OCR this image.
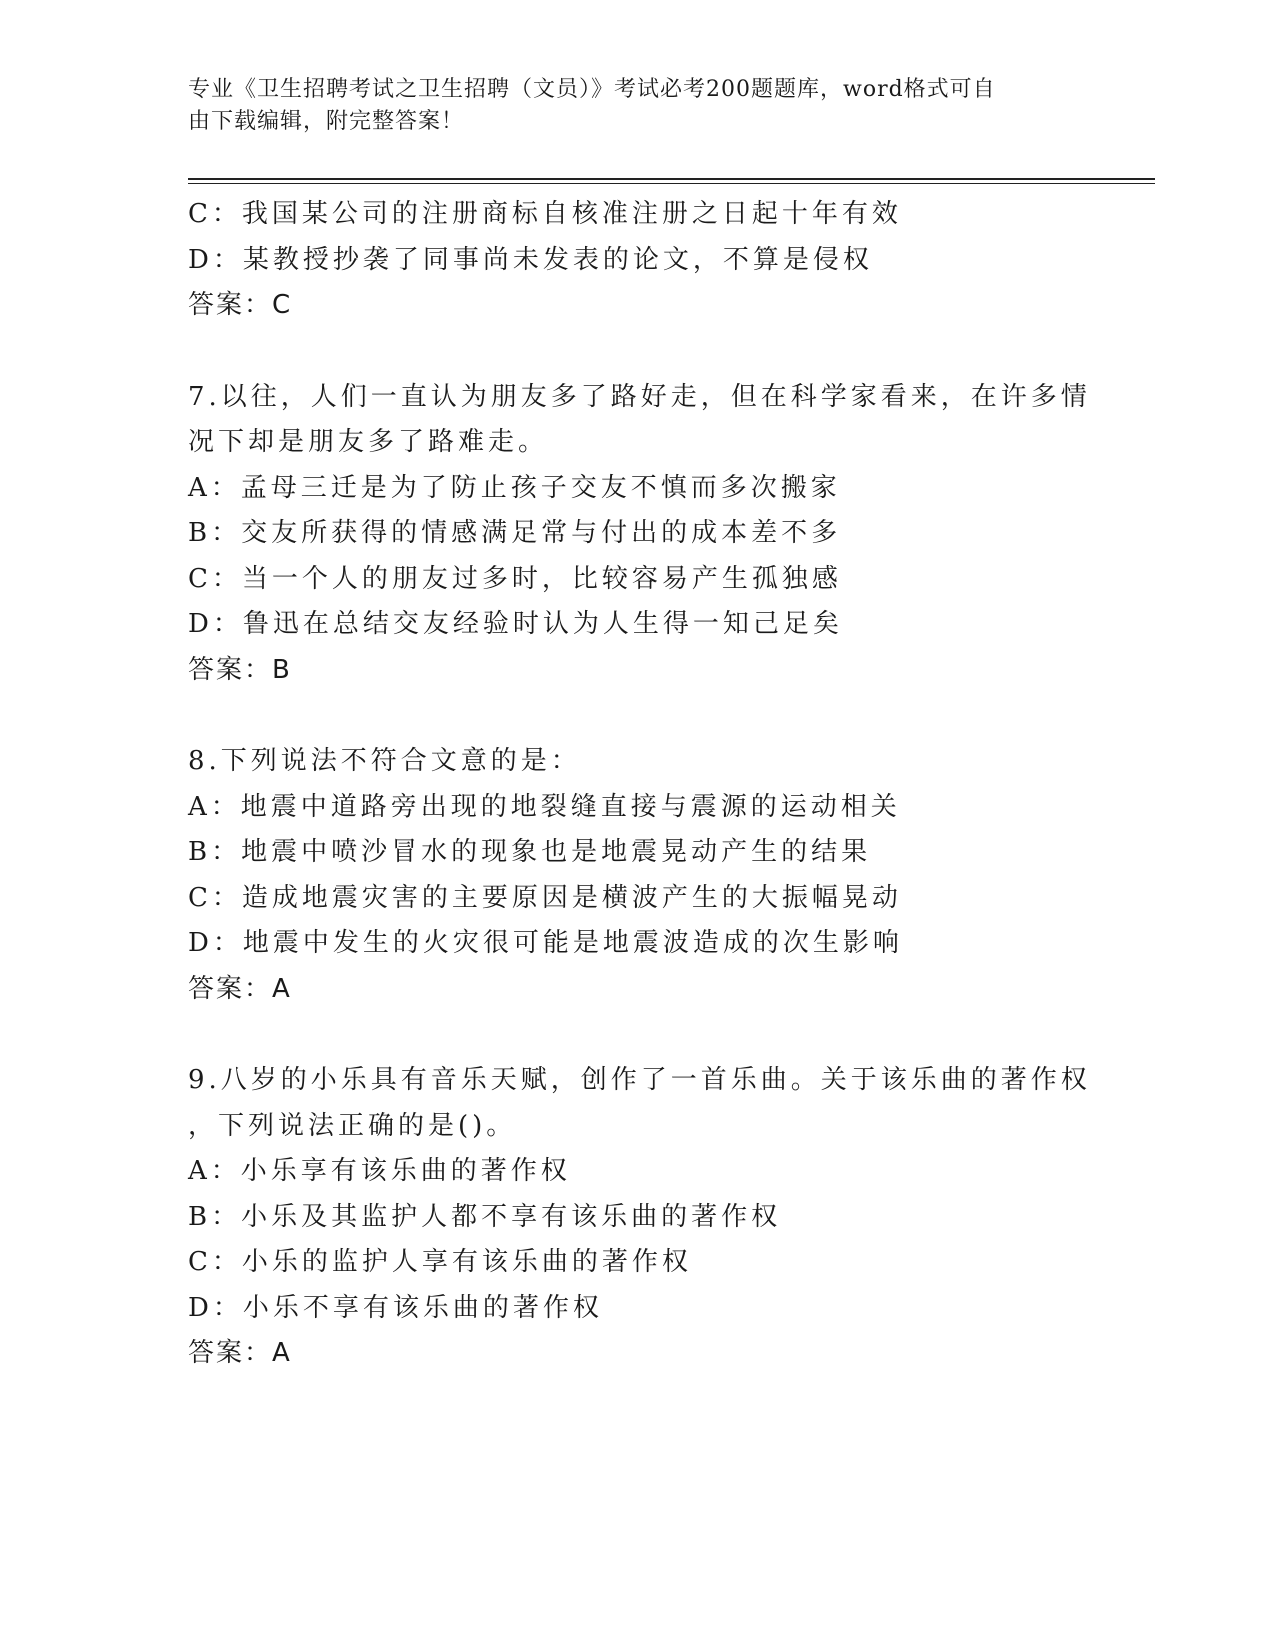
专业《卫生招聘考试之卫生招聘（文员）》考试必考200题题库，word格式可自
由下载编辑，附完整答案！
C：我国某公司的注册商标自核准注册之日起十年有效
D：某教授抄袭了同事尚未发表的论文，不算是侵权
答案：C
7.以往，人们一直认为朋友多了路好走，但在科学家看来，在许多情
况下却是朋友多了路难走。
A：孟母三迁是为了防止孩子交友不慎而多次搬家
B：交友所获得的情感满足常与付出的成本差不多
C：当一个人的朋友过多时，比较容易产生孤独感
D：鲁迅在总结交友经验时认为人生得一知己足矣
答案：B
8.下列说法不符合文意的是：
A：地震中道路旁出现的地裂缝直接与震源的运动相关
B：地震中喷沙冒水的现象也是地震晃动产生的结果
C：造成地震灾害的主要原因是横波产生的大振幅晃动
D：地震中发生的火灾很可能是地震波造成的次生影响
答案：A
9.八岁的小乐具有音乐天赋，创作了一首乐曲。关于该乐曲的著作权
，下列说法正确的是()。
A：小乐享有该乐曲的著作权
B：小乐及其监护人都不享有该乐曲的著作权
C：小乐的监护人享有该乐曲的著作权
D：小乐不享有该乐曲的著作权
答案：A
